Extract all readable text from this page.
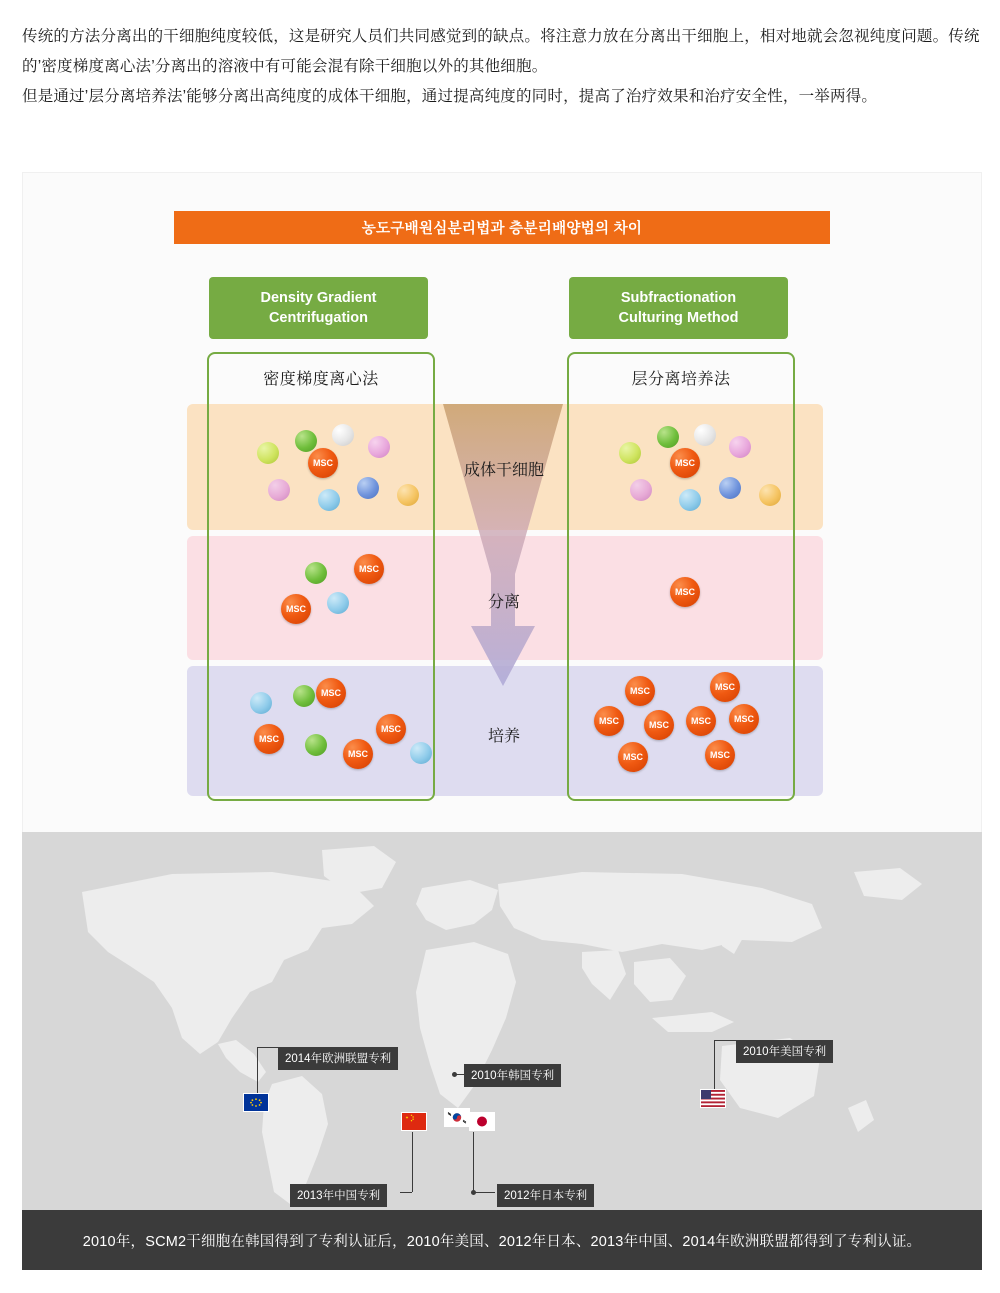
传统的方法分离出的干细胞纯度较低，这是研究人员们共同感觉到的缺点。将注意力放在分离出干细胞上，相对地就会忽视纯度问题。传统的’密度梯度离心法’分离出的溶液中有可能会混有除干细胞以外的其他细胞。

但是通过’层分离培养法’能够分离出高纯度的成体干细胞，通过提高纯度的同时，提高了治疗效果和治疗安全性，一举两得。

농도구배원심분리법과 층분리배양법의 차이
Density Gradient
Centrifugation
Subfractionation
Culturing Method
密度梯度离心法	层分离培养法
成体干细胞
分离
培养
MSC
MSC
MSC
MSC
MSC
MSC
MSC
MSC
MSC
MSC	MSC
MSC	MSC	MSC	MSC
MSC	MSC
2014年欧洲联盟专利
2010年韩国专利
2010年美国专利
2013年中国专利	2012年日本专利
2010年，SCM2干细胞在韩国得到了专利认证后，2010年美国、2012年日本、2013年中国、2014年欧洲联盟都得到了专利认证。
